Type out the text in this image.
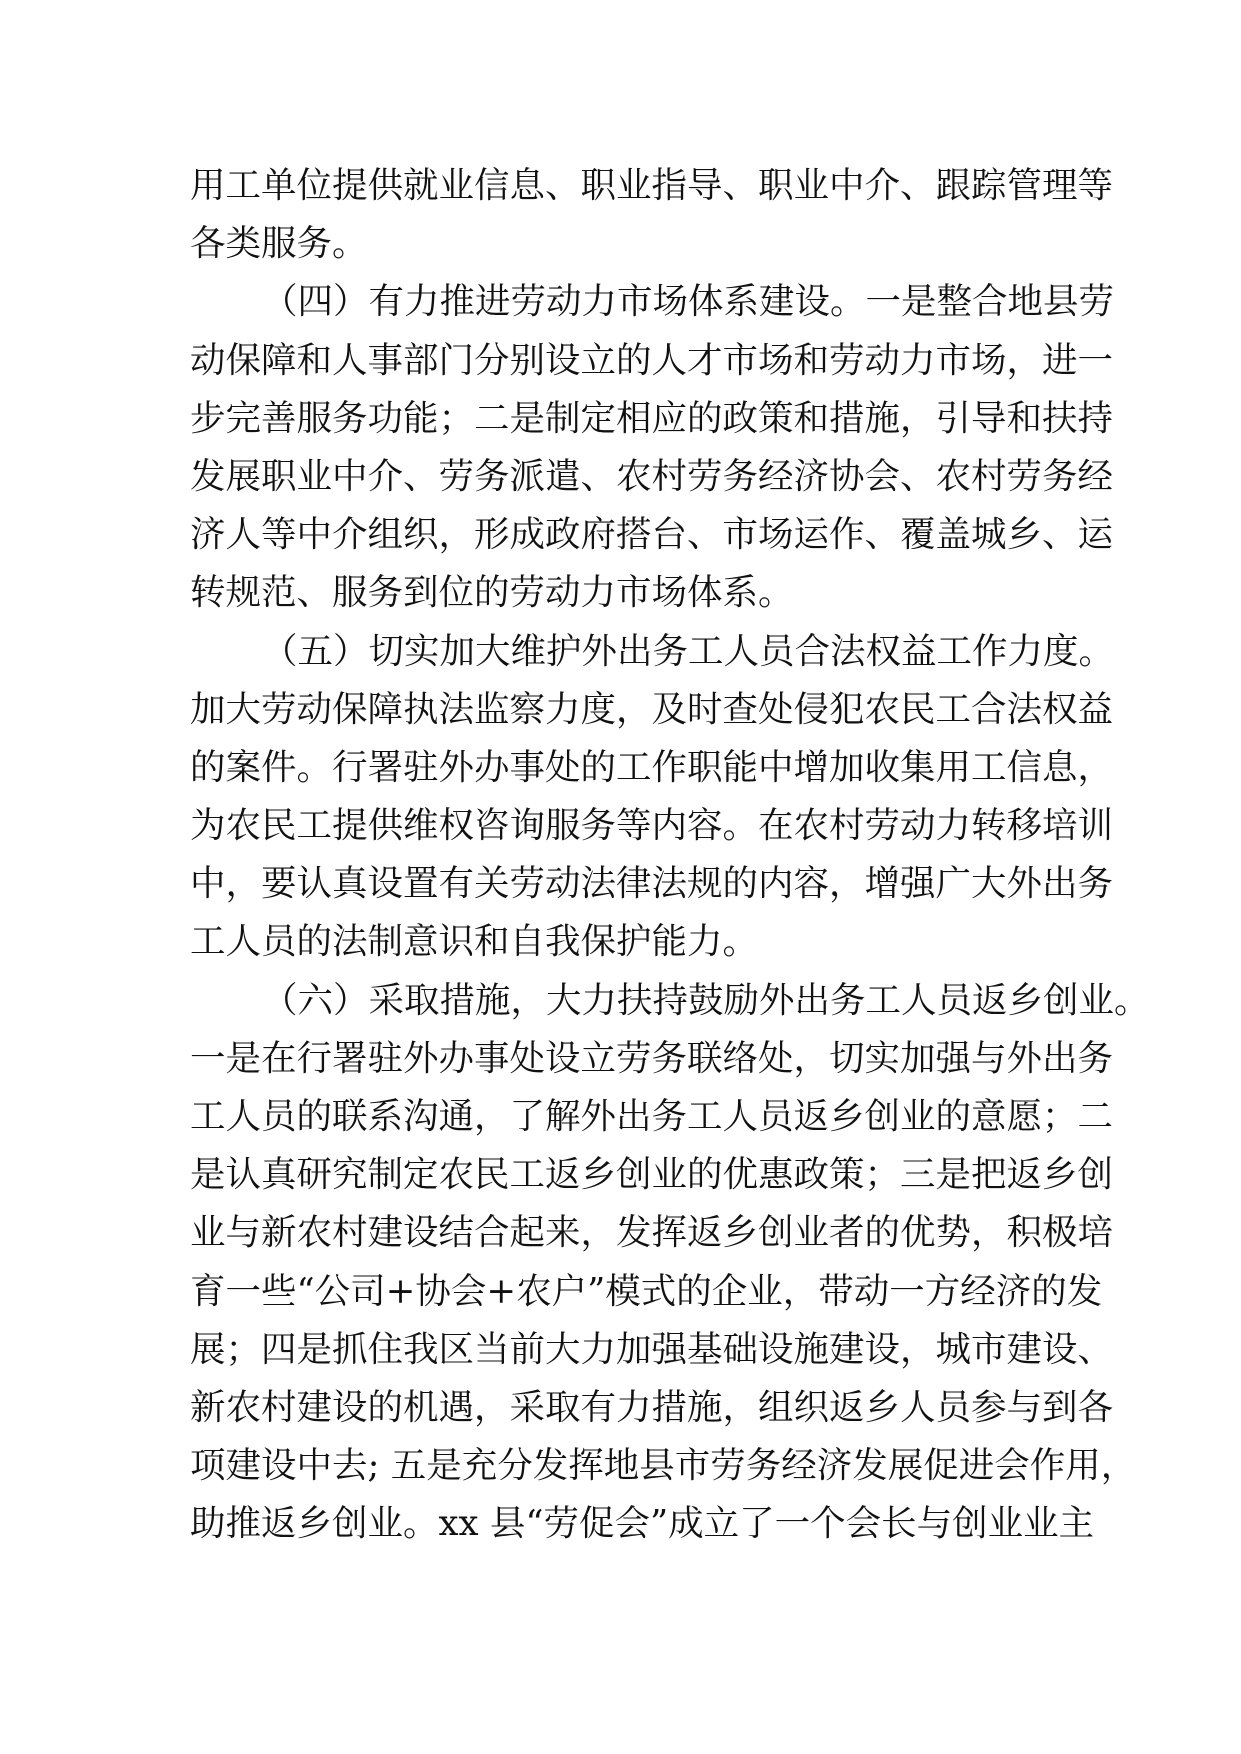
用工单位提供就业信息、职业指导、职业中介、跟踪管理等
各类服务。
（四）有力推进劳动力市场体系建设。一是整合地县劳
动保障和人事部门分别设立的人才市场和劳动力市场，进一
步完善服务功能；二是制定相应的政策和措施，引导和扶持
发展职业中介、劳务派遣、农村劳务经济协会、农村劳务经
济人等中介组织，形成政府搭台、市场运作、覆盖城乡、运
转规范、服务到位的劳动力市场体系。
（五）切实加大维护外出务工人员合法权益工作力度。
加大劳动保障执法监察力度，及时查处侵犯农民工合法权益
的案件。行署驻外办事处的工作职能中增加收集用工信息，
为农民工提供维权咨询服务等内容。在农村劳动力转移培训
中，要认真设置有关劳动法律法规的内容，增强广大外出务
工人员的法制意识和自我保护能力。
（六）采取措施，大力扶持鼓励外出务工人员返乡创业。
一是在行署驻外办事处设立劳务联络处，切实加强与外出务
工人员的联系沟通，了解外出务工人员返乡创业的意愿；二
是认真研究制定农民工返乡创业的优惠政策；三是把返乡创
业与新农村建设结合起来，发挥返乡创业者的优势，积极培
育一些“公司+协会+农户”模式的企业，带动一方经济的发
展；四是抓住我区当前大力加强基础设施建设，城市建设、
新农村建设的机遇，采取有力措施，组织返乡人员参与到各
项建设中去; 五是充分发挥地县市劳务经济发展促进会作用，
助推返乡创业。xx 县“劳促会”成立了一个会长与创业业主
